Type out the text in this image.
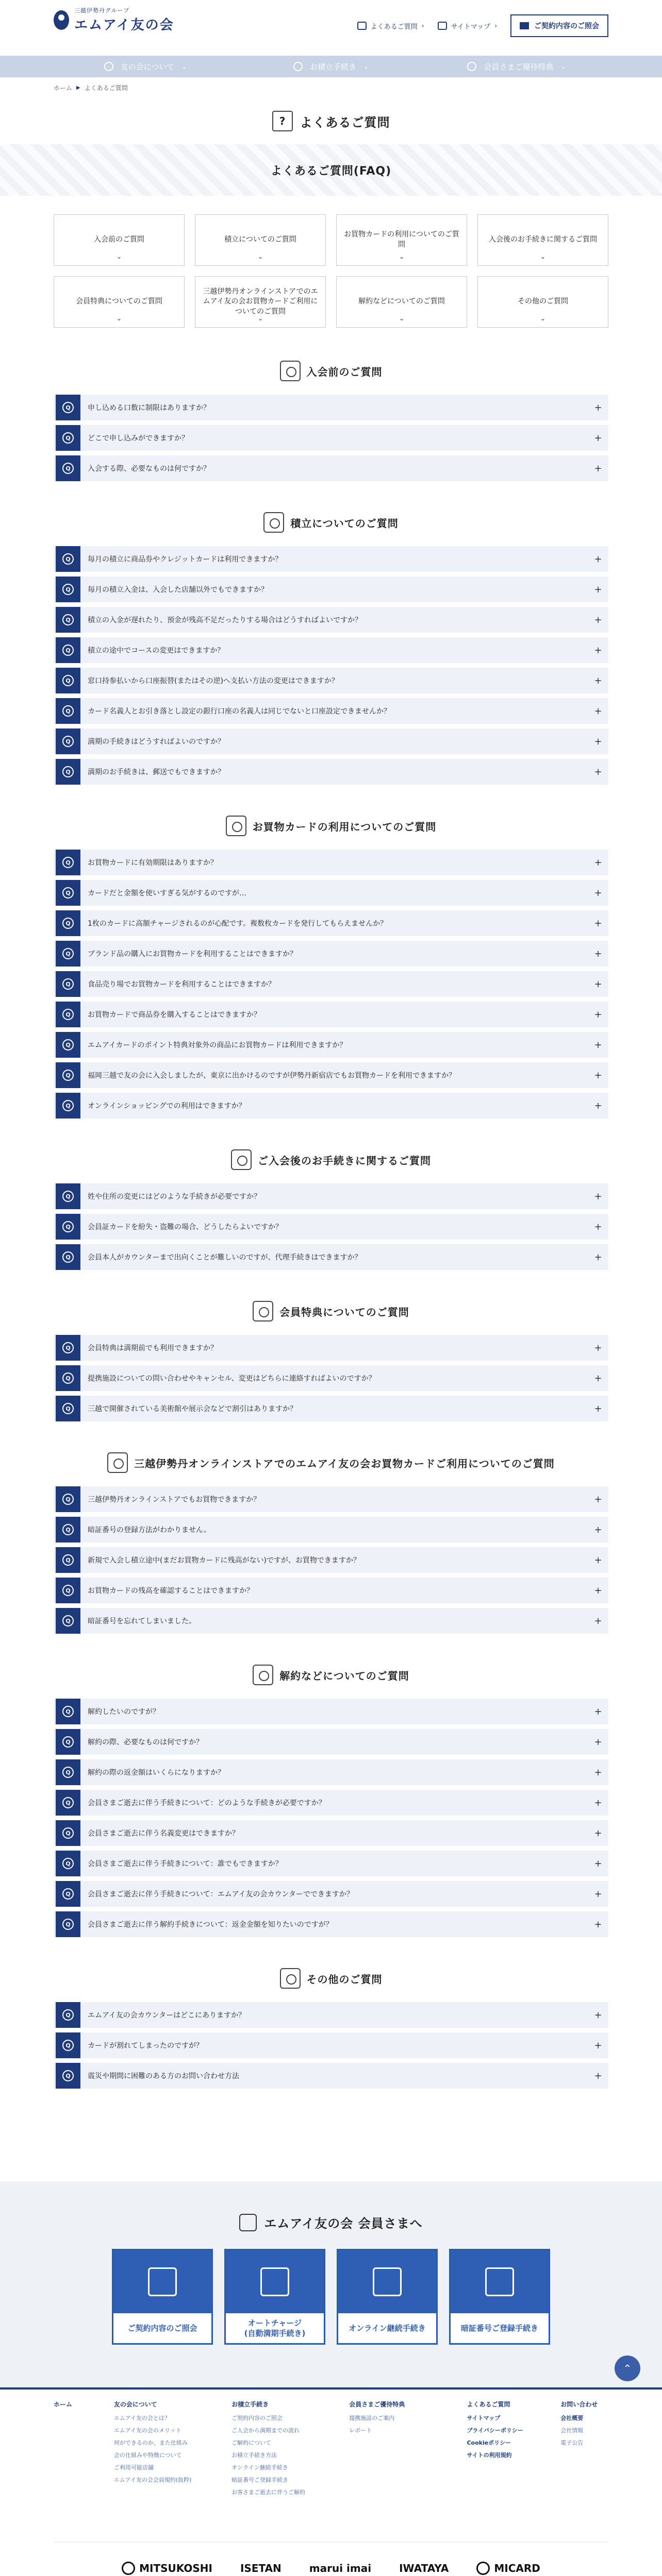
三越伊勢丹グループ
エムアイ友の会	よくあるご質問 ›	サイトマップ ›	ご契約内容のご照会
友の会について ⌄	お積立手続き ⌄	会員さまご優待特典 ⌄
ホーム ▶ よくあるご質問
?	よくあるご質問
よくあるご質問(FAQ)
入会前のご質問
⌄
積立についてのご質問
⌄
お買物カードの利用についてのご質問
⌄
入会後のお手続きに関するご質問
⌄
会員特典についてのご質問
⌄
三越伊勢丹オンラインストアでのエムアイ友の会お買物カードご利用についてのご質問
⌄
解約などについてのご質問
⌄
その他のご質問
⌄
入会前のご質問
Q	申し込める口数に制限はありますか？	+
Q	どこで申し込みができますか？	+
Q	入会する際、必要なものは何ですか？	+
積立についてのご質問
Q	毎月の積立に商品券やクレジットカードは利用できますか？	+
Q	毎月の積立入金は、入会した店舗以外でもできますか？	+
Q	積立の入金が遅れたり、預金が残高不足だったりする場合はどうすればよいですか？	+
Q	積立の途中でコースの変更はできますか？	+
Q	窓口持参払いから口座振替(またはその逆)へ支払い方法の変更はできますか？	+
Q	カード名義人とお引き落とし設定の銀行口座の名義人は同じでないと口座設定できませんか？	+
Q	満期の手続きはどうすればよいのですか？	+
Q	満期のお手続きは、郵送でもできますか？	+
お買物カードの利用についてのご質問
Q	お買物カードに有効期限はありますか？	+
Q	カードだと金額を使いすぎる気がするのですが…	+
Q	1枚のカードに高額チャージされるのが心配です。複数枚カードを発行してもらえませんか？	+
Q	ブランド品の購入にお買物カードを利用することはできますか？	+
Q	食品売り場でお買物カードを利用することはできますか？	+
Q	お買物カードで商品券を購入することはできますか？	+
Q	エムアイカードのポイント特典対象外の商品にお買物カードは利用できますか？	+
Q	福岡三越で友の会に入会しましたが、東京に出かけるのですが伊勢丹新宿店でもお買物カードを利用できますか？	+
Q	オンラインショッピングでの利用はできますか？	+
ご入会後のお手続きに関するご質問
Q	姓や住所の変更にはどのような手続きが必要ですか？	+
Q	会員証カードを紛失・盗難の場合、どうしたらよいですか？	+
Q	会員本人がカウンターまで出向くことが難しいのですが、代理手続きはできますか？	+
会員特典についてのご質問
Q	会員特典は満期前でも利用できますか？	+
Q	提携施設についての問い合わせやキャンセル、変更はどちらに連絡すればよいのですか？	+
Q	三越で開催されている美術館や展示会などで割引はありますか？	+
三越伊勢丹オンラインストアでのエムアイ友の会お買物カードご利用についてのご質問
Q	三越伊勢丹オンラインストアでもお買物できますか？	+
Q	暗証番号の登録方法がわかりません。	+
Q	新規で入会し積立途中(まだお買物カードに残高がない)ですが、お買物できますか？	+
Q	お買物カードの残高を確認することはできますか？	+
Q	暗証番号を忘れてしまいました。	+
解約などについてのご質問
Q	解約したいのですが？	+
Q	解約の際、必要なものは何ですか？	+
Q	解約の際の返金額はいくらになりますか？	+
Q	会員さまご逝去に伴う手続きについて：どのような手続きが必要ですか？	+
Q	会員さまご逝去に伴う名義変更はできますか？	+
Q	会員さまご逝去に伴う手続きについて：誰でもできますか？	+
Q	会員さまご逝去に伴う手続きについて：エムアイ友の会カウンターでできますか？	+
Q	会員さまご逝去に伴う解約手続きについて：返金金額を知りたいのですが？	+
その他のご質問
Q	エムアイ友の会カウンターはどこにありますか？	+
Q	カードが割れてしまったのですが？	+
Q	震災や期間に困難のある方のお問い合わせ方法	+
エムアイ友の会 会員さまへ
ご契約内容のご照会
オートチャージ
(自動満期手続き)
オンライン継続手続き	暗証番号ご登録手続き
⌃
ホーム	友の会について
エムアイ友の会とは？
エムアイ友の会のメリット
何ができるのか、また仕組み
会の仕組みや特徴について
ご利用可能店舗
エムアイ友の会会員規約(抜粋)
お積立手続き
ご契約内容のご照会
ご入会から満期までの流れ
ご解約について
お積立手続き方法
オンライン継続手続き
暗証番号ご登録手続き
お客さまご逝去に伴うご解約
会員さまご優待特典
提携施設のご案内
レポート
よくあるご質問
サイトマップ
プライバシーポリシー
Cookieポリシー
サイトの利用規約
お問い合わせ
会社概要
会社情報
電子公告
MITSUKOSHI	ISETAN	marui imai	IWATAYA	MICARD
